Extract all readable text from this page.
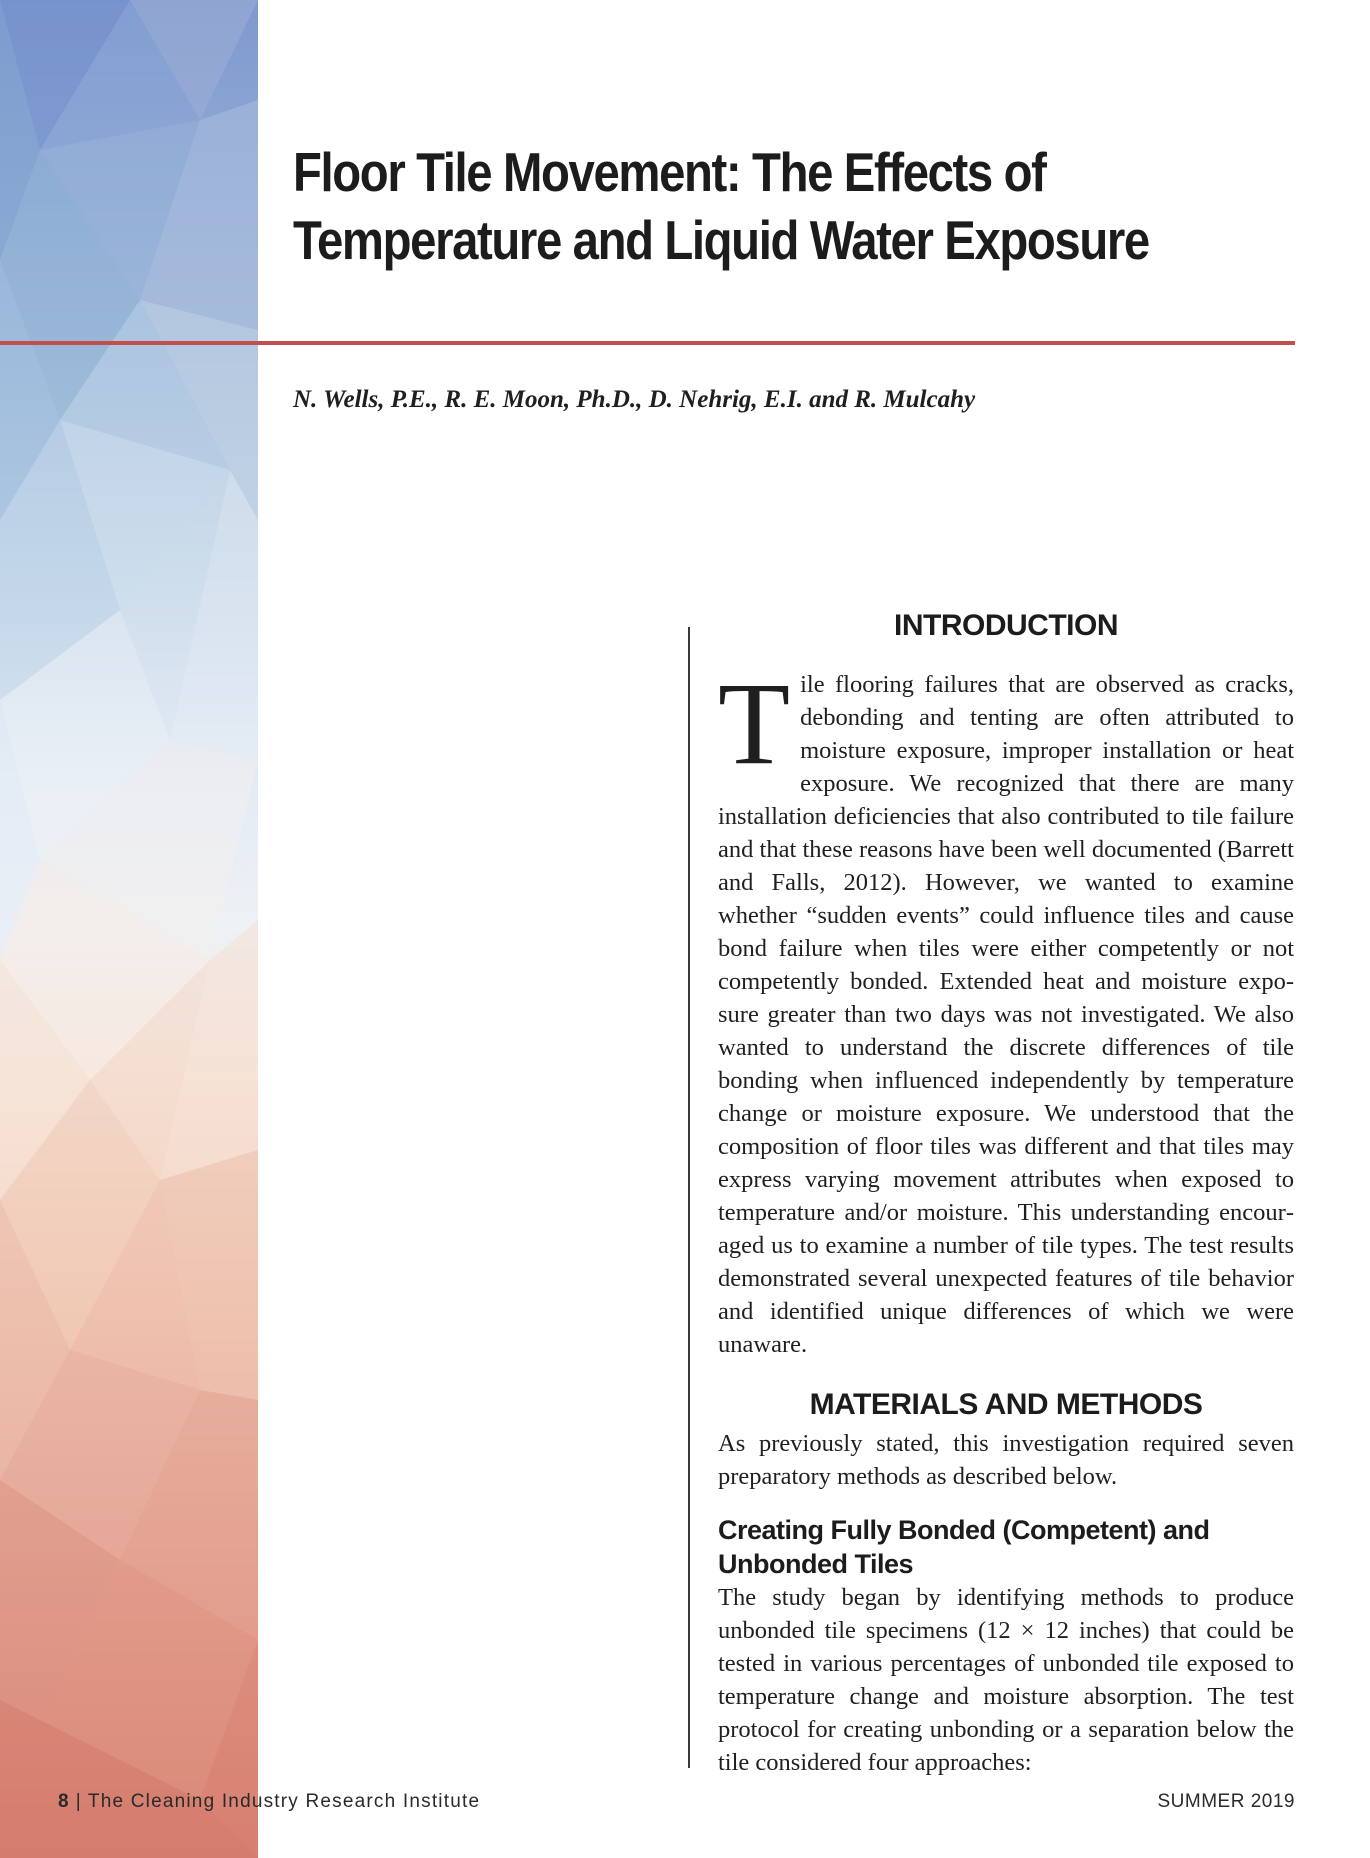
Floor Tile Movement: The Effects of
Temperature and Liquid Water Exposure

N. Wells, P.E., R. E. Moon, Ph.D., D. Nehrig, E.I. and R. Mulcahy

INTRODUCTION

Tile flooring failures that are observed as cracks, debonding and tenting are often attributed to moisture exposure, improper installation or heat exposure. We recognized that there are many installation deficiencies that also contributed to tile failure and that these reasons have been well documented (Barrett and Falls, 2012). However, we wanted to examine whether “sudden events” could influence tiles and cause bond failure when tiles were either competently or not competently bonded. Extended heat and moisture exposure greater than two days was not investigated. We also wanted to understand the discrete differences of tile bonding when influenced independently by temperature change or moisture exposure. We understood that the composition of floor tiles was different and that tiles may express varying movement attributes when exposed to temperature and/or moisture. This understanding encouraged us to examine a number of tile types. The test results demonstrated several unexpected features of tile behavior and identified unique differences of which we were unaware.

MATERIALS AND METHODS

As previously stated, this investigation required seven preparatory methods as described below.

Creating Fully Bonded (Competent) and
Unbonded Tiles

The study began by identifying methods to produce unbonded tile specimens (12 × 12 inches) that could be tested in various percentages of unbonded tile exposed to temperature change and moisture absorption. The test protocol for creating unbonding or a separation below the tile considered four approaches:

8 | The Cleaning Industry Research Institute	SUMMER 2019
